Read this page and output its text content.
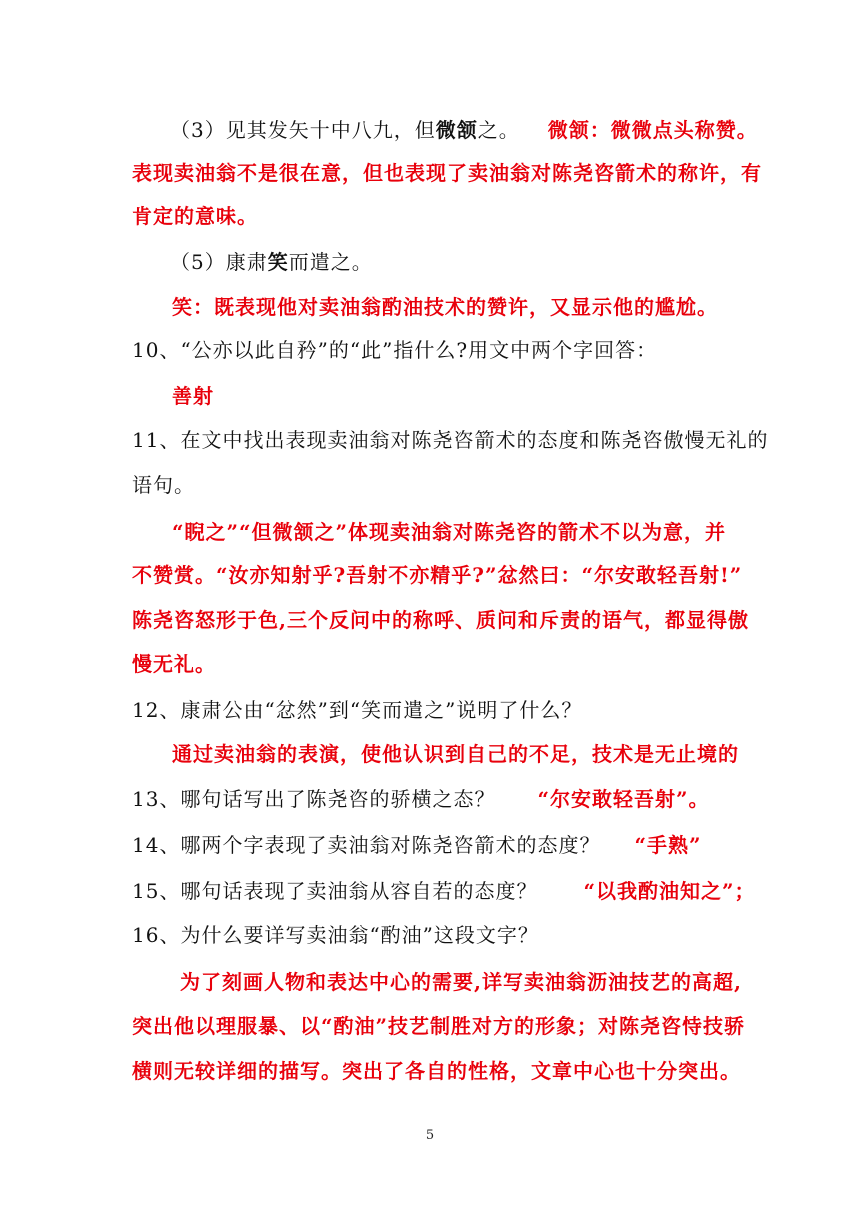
（3）见其发矢十中八九，但微颔之。 微颔：微微点头称赞。
表现卖油翁不是很在意，但也表现了卖油翁对陈尧咨箭术的称许，有
肯定的意味。
（5）康肃笑而遣之。
笑：既表现他对卖油翁酌油技术的赞许，又显示他的尴尬。
10、“公亦以此自矜”的“此”指什么?用文中两个字回答：
善射
11、在文中找出表现卖油翁对陈尧咨箭术的态度和陈尧咨傲慢无礼的
语句。
“睨之”“但微颔之”体现卖油翁对陈尧咨的箭术不以为意，并
不赞赏。“汝亦知射乎?吾射不亦精乎?”忿然曰：“尔安敢轻吾射!”
陈尧咨怒形于色,三个反问中的称呼、质问和斥责的语气，都显得傲
慢无礼。
12、康肃公由“忿然”到“笑而遣之”说明了什么？
通过卖油翁的表演，使他认识到自己的不足，技术是无止境的
13、哪句话写出了陈尧咨的骄横之态？ “尔安敢轻吾射”。
14、哪两个字表现了卖油翁对陈尧咨箭术的态度？ “手熟”
15、哪句话表现了卖油翁从容自若的态度？ “以我酌油知之”；
16、为什么要详写卖油翁“酌油”这段文字？
为了刻画人物和表达中心的需要,详写卖油翁沥油技艺的高超,
突出他以理服暴、以“酌油”技艺制胜对方的形象；对陈尧咨恃技骄
横则无较详细的描写。突出了各自的性格，文章中心也十分突出。
5
